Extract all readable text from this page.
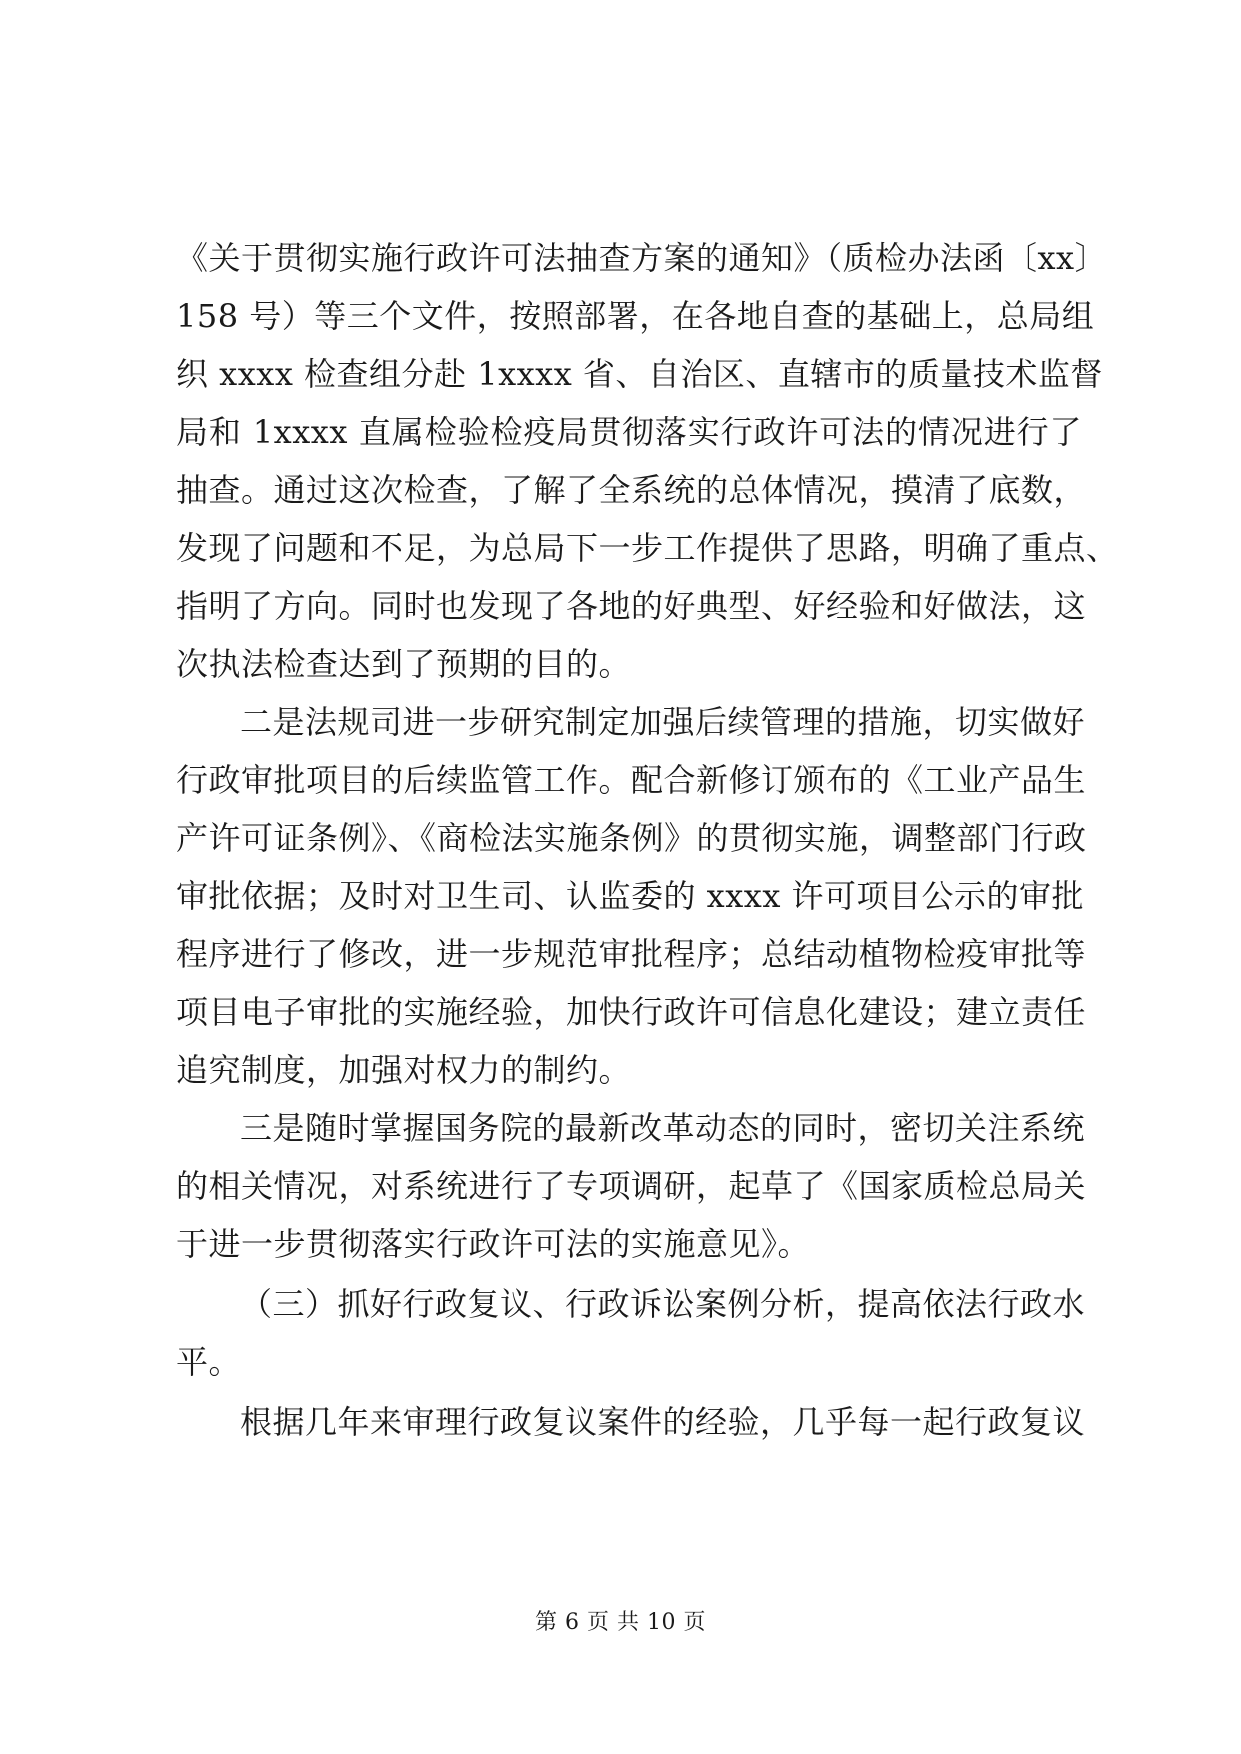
《关于贯彻实施行政许可法抽查方案的通知》（质检办法函〔xx〕
158 号）等三个文件，按照部署，在各地自查的基础上，总局组
织 xxxx 检查组分赴 1xxxx 省、自治区、直辖市的质量技术监督
局和 1xxxx 直属检验检疫局贯彻落实行政许可法的情况进行了
抽查。通过这次检查，了解了全系统的总体情况，摸清了底数，
发现了问题和不足，为总局下一步工作提供了思路，明确了重点、
指明了方向。同时也发现了各地的好典型、好经验和好做法，这
次执法检查达到了预期的目的。
二是法规司进一步研究制定加强后续管理的措施，切实做好
行政审批项目的后续监管工作。配合新修订颁布的《工业产品生
产许可证条例》、《商检法实施条例》的贯彻实施，调整部门行政
审批依据；及时对卫生司、认监委的 xxxx 许可项目公示的审批
程序进行了修改，进一步规范审批程序；总结动植物检疫审批等
项目电子审批的实施经验，加快行政许可信息化建设；建立责任
追究制度，加强对权力的制约。
三是随时掌握国务院的最新改革动态的同时，密切关注系统
的相关情况，对系统进行了专项调研，起草了《国家质检总局关
于进一步贯彻落实行政许可法的实施意见》。
（三）抓好行政复议、行政诉讼案例分析，提高依法行政水
平。
根据几年来审理行政复议案件的经验，几乎每一起行政复议
第 6 页 共 10 页
